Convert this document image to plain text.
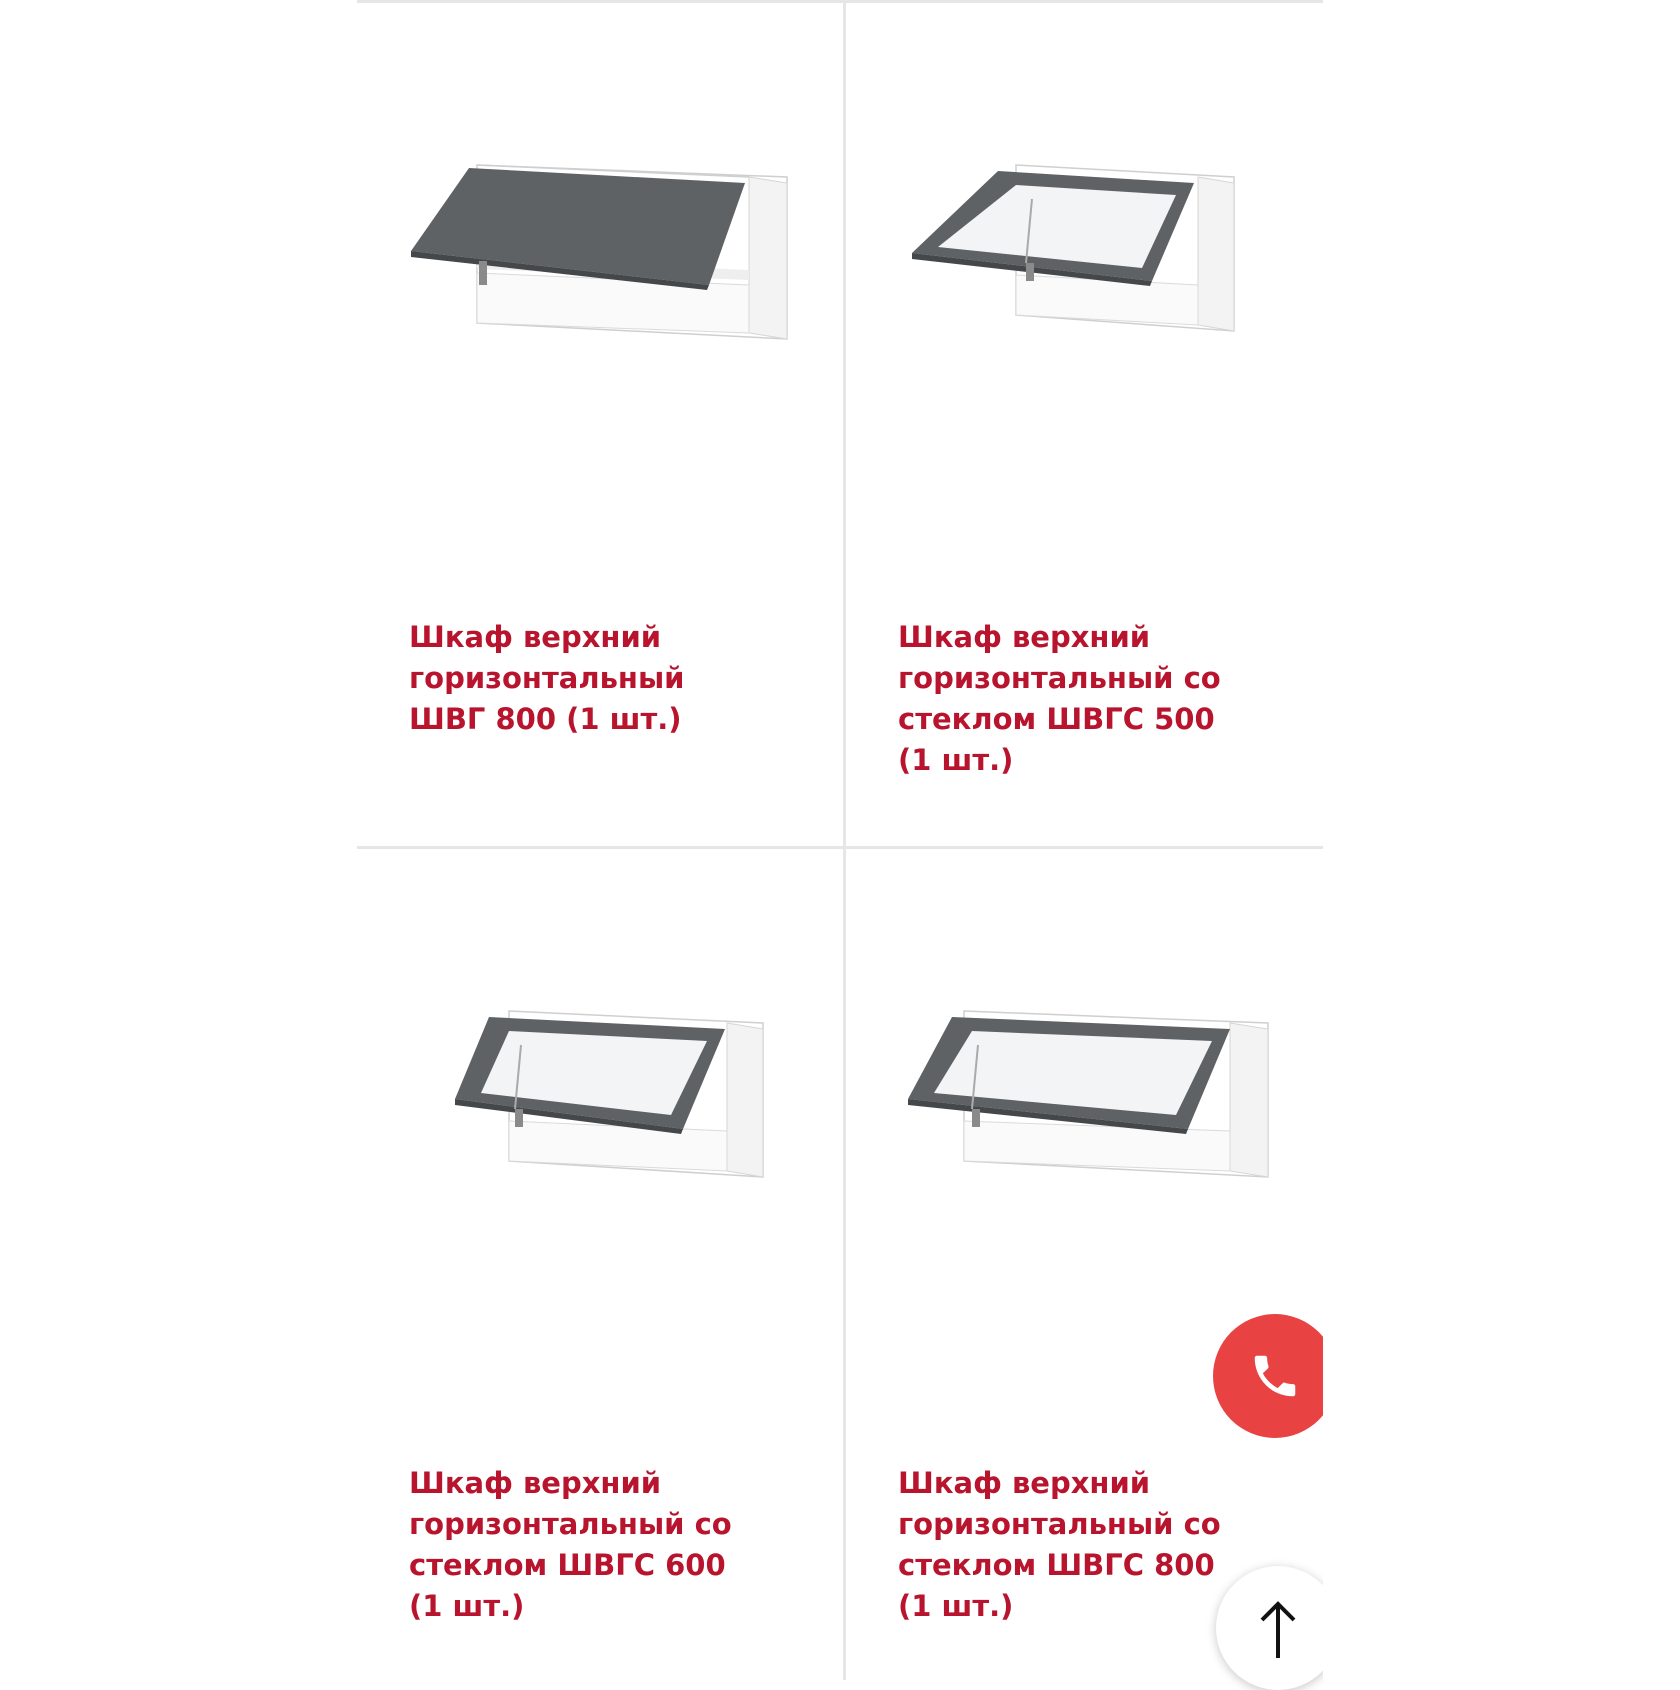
Шкаф верхний горизонтальный ШВГ 800 (1 шт.)
Шкаф верхний горизонтальный со стеклом ШВГС 500 (1 шт.)
Шкаф верхний горизонтальный со стеклом ШВГС 600 (1 шт.)
Шкаф верхний горизонтальный со стеклом ШВГС 800 (1 шт.)
